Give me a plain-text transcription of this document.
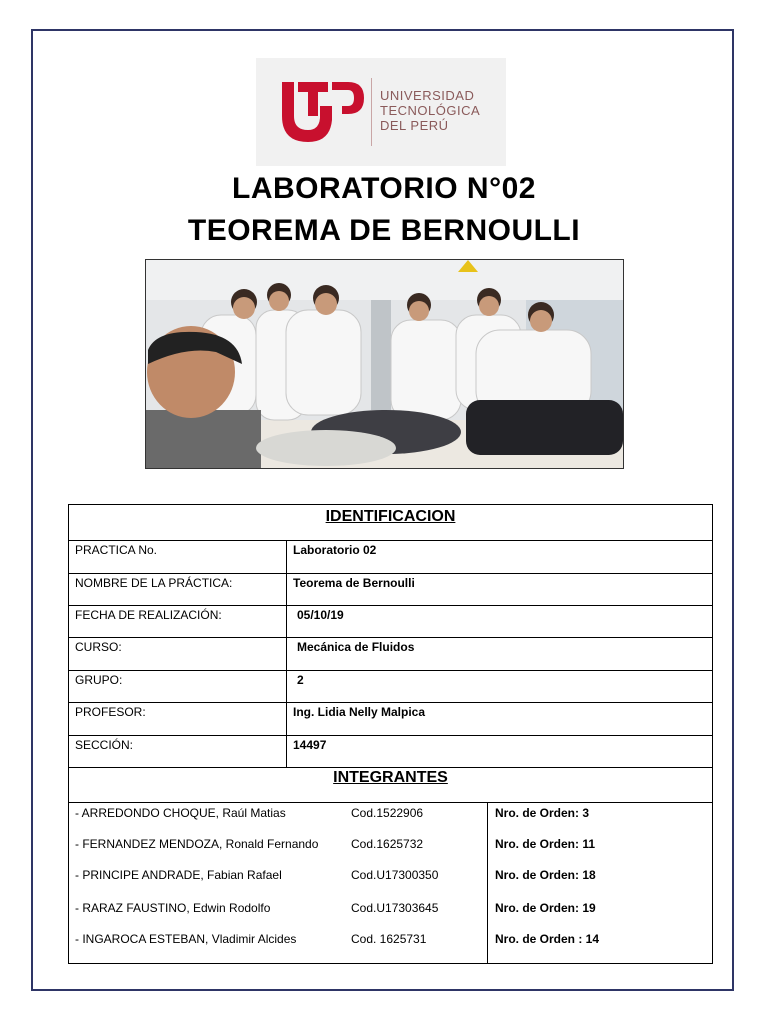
UNIVERSIDAD
TECNOLÓGICA
DEL PERÚ
LABORATORIO N°02
TEOREMA DE BERNOULLI
IDENTIFICACION
PRACTICA No.	Laboratorio 02
NOMBRE DE LA PRÁCTICA:	Teorema de Bernoulli
FECHA DE REALIZACIÓN:	05/10/19
CURSO:	Mecánica de Fluidos
GRUPO:	2
PROFESOR:	Ing. Lidia Nelly Malpica
SECCIÓN:	14497
INTEGRANTES
- ARREDONDO CHOQUE, Raúl Matias	Cod.1522906	Nro. de Orden: 3
- FERNANDEZ MENDOZA, Ronald Fernando	Cod.1625732	Nro. de Orden: 11
- PRINCIPE ANDRADE, Fabian Rafael	Cod.U17300350	Nro. de Orden: 18
- RARAZ FAUSTINO, Edwin Rodolfo	Cod.U17303645	Nro. de Orden: 19
- INGAROCA ESTEBAN, Vladimir Alcides	Cod. 1625731	Nro. de Orden : 14
